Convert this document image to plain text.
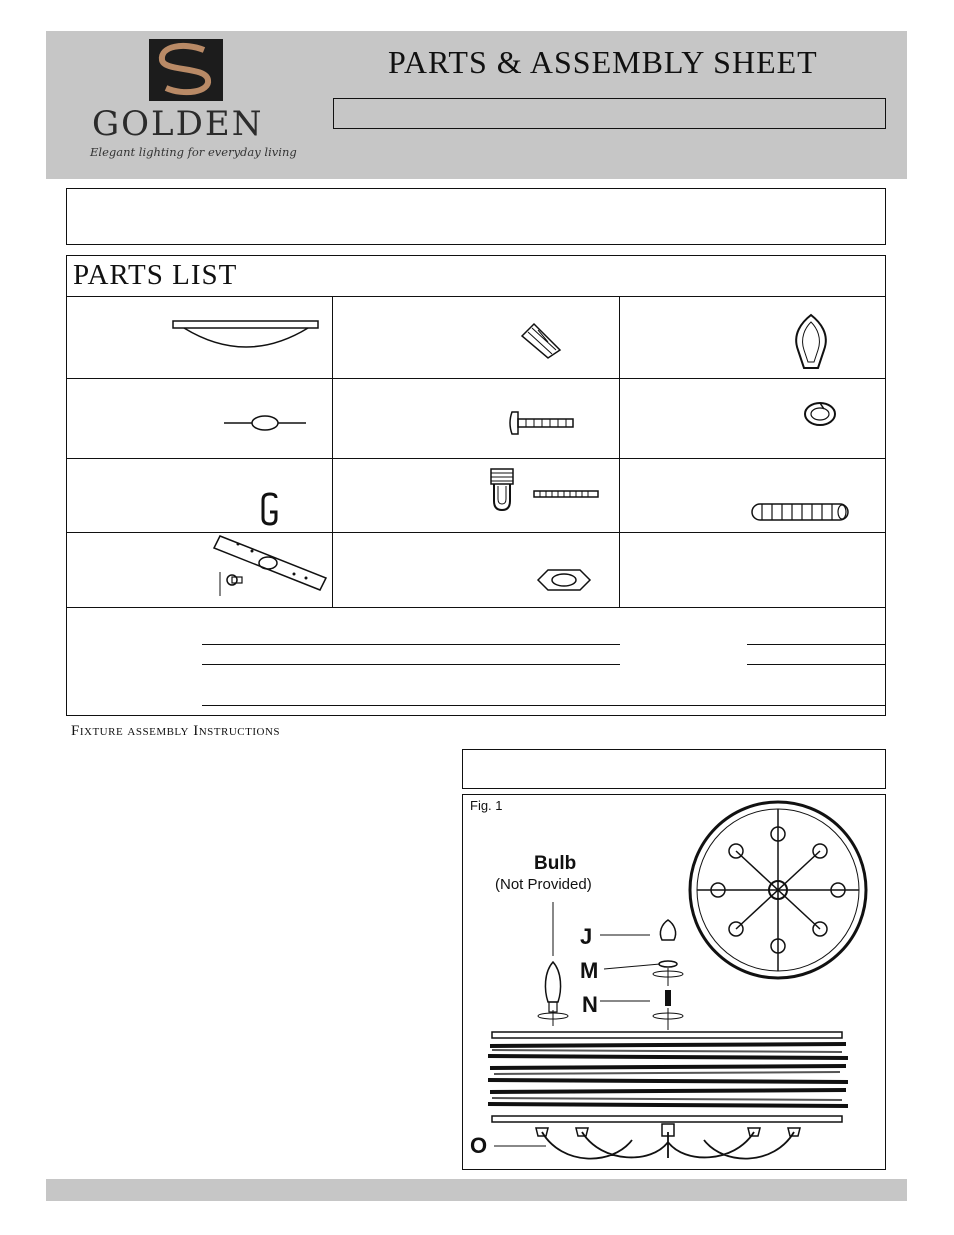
GOLDEN
Elegant lighting for everyday living
PARTS & ASSEMBLY SHEET
PARTS LIST
Fixture assembly Instructions
Fig. 1
Bulb
(Not Provided)
J
M
N
O
